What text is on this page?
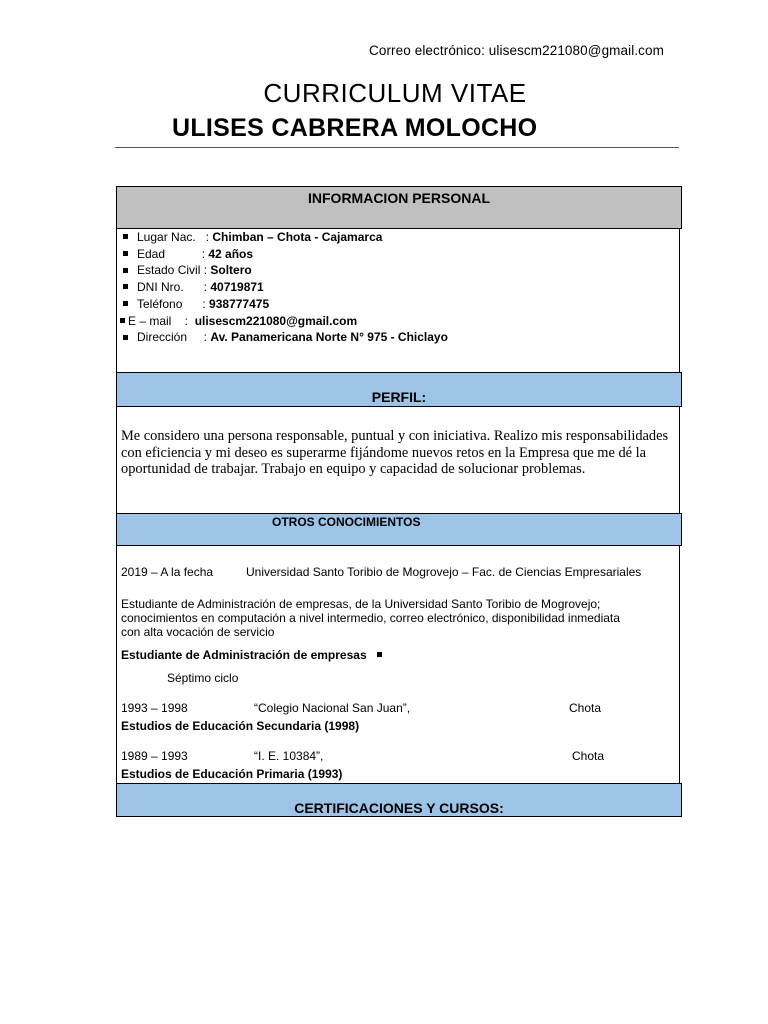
Correo electrónico: ulisescm221080@gmail.com
CURRICULUM VITAE
ULISES CABRERA MOLOCHO
INFORMACION PERSONAL
Lugar Nac.   : Chimban – Chota - Cajamarca
Edad           : 42 años
Estado Civil : Soltero
DNI Nro.      : 40719871
Teléfono      : 938777475
E – mail    :  ulisescm221080@gmail.com
Dirección     : Av. Panamericana Norte N° 975 - Chiclayo
PERFIL:
Me considero una persona responsable, puntual y con iniciativa. Realizo mis responsabilidades con eficiencia y mi deseo es superarme fijándome nuevos retos en la Empresa que me dé la oportunidad de trabajar. Trabajo en equipo y capacidad de solucionar problemas.
OTROS CONOCIMIENTOS
2019 – A la fecha	Universidad Santo Toribio de Mogrovejo – Fac. de Ciencias Empresariales
Estudiante de Administración de empresas, de la Universidad Santo Toribio de Mogrovejo;
conocimientos en computación a nivel intermedio, correo electrónico, disponibilidad inmediata
con alta vocación de servicio
Estudiante de Administración de empresas
Séptimo ciclo
1993 – 1998	“Colegio Nacional San Juan”,	Chota
Estudios de Educación Secundaria (1998)
1989 – 1993	“I. E. 10384”,	Chota
Estudios de Educación Primaria (1993)
CERTIFICACIONES Y CURSOS:
